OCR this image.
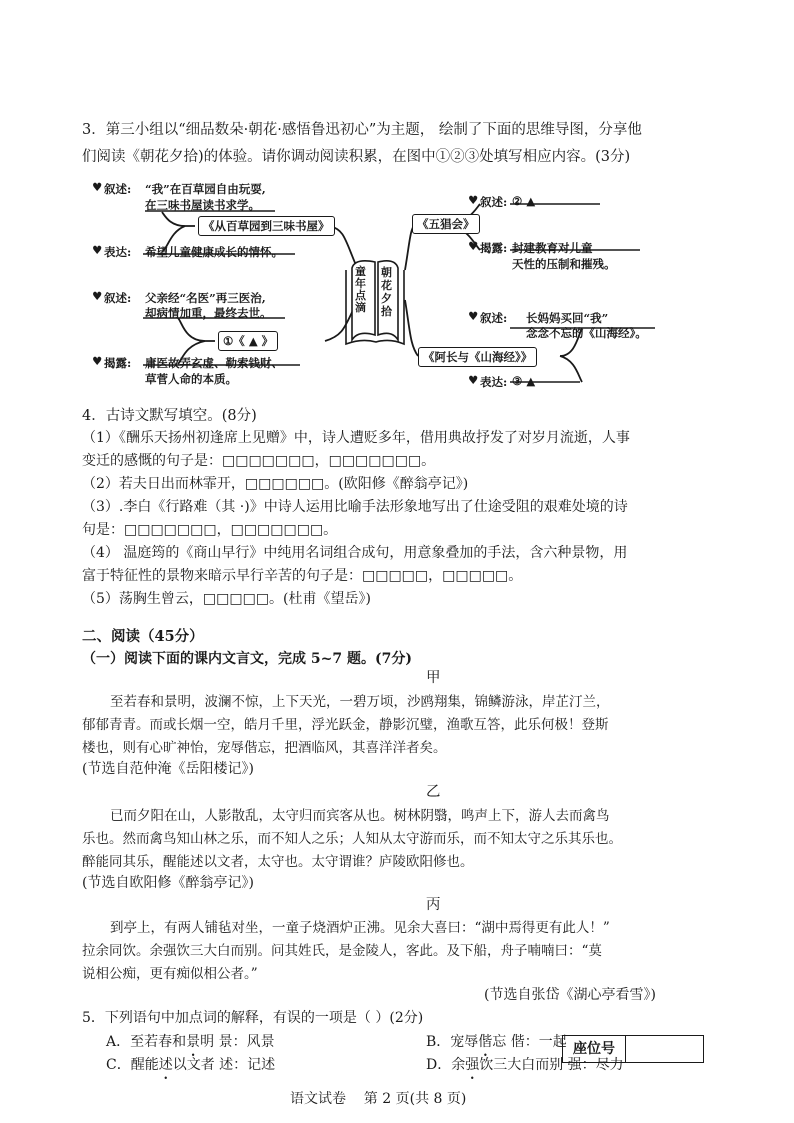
3．第三小组以“细品数朵·朝花·感悟鲁迅初心”为主题， 绘制了下面的思维导图，分享他
们阅读《朝花夕拾)的体验。请你调动阅读积累，在图中①②③处填写相应内容。(3分)
童年点滴
朝花夕拾
♥ 叙述: “我”在百草园自由玩耍,
在三味书屋读书求学。
《从百草园到三味书屋》
♥ 表达: 希望儿童健康成长的情怀。
♥ 叙述: 父亲经“名医”再三医治,
却病情加重，最终去世。
①《 ▲ 》
♥ 揭露: 庸医故弄玄虚、勒索钱财、
草菅人命的本质。
《五猖会》
♥ 叙述: ② ▲
♥ 揭露: 封建教育对儿童
天性的压制和摧残。
♥ 叙述: 长妈妈买回“我”
念念不忘的《山海经》。
《阿长与《山海经》》
♥ 表达: ③ ▲
4．古诗文默写填空。(8分)
（1）《酬乐天扬州初逢席上见赠》中，诗人遭贬多年，借用典故抒发了对岁月流逝，人事
变迁的感慨的句子是：□□□□□□□，□□□□□□□。
（2）若夫日出而林霏开，□□□□□□。(欧阳修《醉翁亭记》)
（3）.李白《行路难（其 ·)》中诗人运用比喻手法形象地写出了仕途受阻的艰难处境的诗
句是：□□□□□□□，□□□□□□□。
（4） 温庭筠的《商山早行》中纯用名词组合成句，用意象叠加的手法，含六种景物，用
富于特征性的景物来暗示早行辛苦的句子是：□□□□□，□□□□□。
（5）荡胸生曾云，□□□□□。(杜甫《望岳》)
二、阅读（45分）
（一）阅读下面的课内文言文，完成 5~7 题。(7分)
甲
至若春和景明，波澜不惊，上下天光，一碧万顷，沙鸥翔集，锦鳞游泳，岸芷汀兰，
郁郁青青。而或长烟一空，皓月千里，浮光跃金，静影沉璧，渔歌互答，此乐何极！登斯
楼也，则有心旷神怡，宠辱偕忘，把酒临风，其喜洋洋者矣。
(节选自范仲淹《岳阳楼记》)
乙
已而夕阳在山，人影散乱，太守归而宾客从也。树林阴翳，鸣声上下，游人去而禽鸟
乐也。然而禽鸟知山林之乐，而不知人之乐；人知从太守游而乐，而不知太守之乐其乐也。
醉能同其乐，醒能述以文者，太守也。太守谓谁？庐陵欧阳修也。
(节选自欧阳修《醉翁亭记》)
丙
到亭上，有两人铺毡对坐，一童子烧酒炉正沸。见余大喜曰：“湖中焉得更有此人！”
拉余同饮。余强饮三大白而别。问其姓氏，是金陵人，客此。及下船，舟子喃喃曰：“莫
说相公痴，更有痴似相公者。”
(节选自张岱《湖心亭看雪》)
5．下列语句中加点词的解释，有误的一项是（ ）(2分)
A．至若春和景明 景：风景	B．宠辱偕忘 偕：一起
C．醒能述以文者 述：记述	D．余强饮三大白而别 强：尽力
座位号
语文试卷    第 2 页(共 8 页)
